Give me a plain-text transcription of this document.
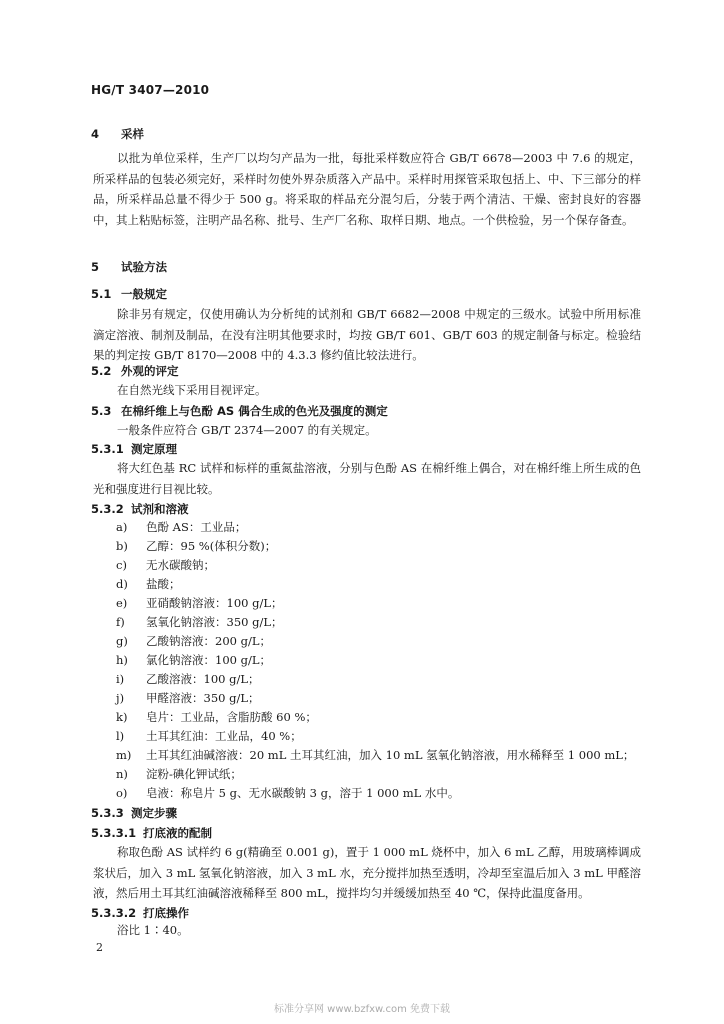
HG/T 3407—2010
4 采样
以批为单位采样，生产厂以均匀产品为一批，每批采样数应符合 GB/T 6678—2003 中 7.6 的规定，所采样品的包装必须完好，采样时勿使外界杂质落入产品中。采样时用探管采取包括上、中、下三部分的样品，所采样品总量不得少于 500 g。将采取的样品充分混匀后，分装于两个清洁、干燥、密封良好的容器中，其上粘贴标签，注明产品名称、批号、生产厂名称、取样日期、地点。一个供检验，另一个保存备查。
5 试验方法
5.1 一般规定
除非另有规定，仅使用确认为分析纯的试剂和 GB/T 6682—2008 中规定的三级水。试验中所用标准滴定溶液、制剂及制品，在没有注明其他要求时，均按 GB/T 601、GB/T 603 的规定制备与标定。检验结果的判定按 GB/T 8170—2008 中的 4.3.3 修约值比较法进行。
5.2 外观的评定
在自然光线下采用目视评定。
5.3 在棉纤维上与色酚 AS 偶合生成的色光及强度的测定
一般条件应符合 GB/T 2374—2007 的有关规定。
5.3.1 测定原理
将大红色基 RC 试样和标样的重氮盐溶液，分别与色酚 AS 在棉纤维上偶合，对在棉纤维上所生成的色光和强度进行目视比较。
5.3.2 试剂和溶液
a) 色酚 AS：工业品；
b) 乙醇：95 %(体积分数)；
c) 无水碳酸钠；
d) 盐酸；
e) 亚硝酸钠溶液：100 g/L；
f) 氢氧化钠溶液：350 g/L；
g) 乙酸钠溶液：200 g/L；
h) 氯化钠溶液：100 g/L；
i) 乙酸溶液：100 g/L；
j) 甲醛溶液：350 g/L；
k) 皂片：工业品，含脂肪酸 60 %；
l) 土耳其红油：工业品，40 %；
m) 土耳其红油碱溶液：20 mL 土耳其红油，加入 10 mL 氢氧化钠溶液，用水稀释至 1 000 mL；
n) 淀粉-碘化钾试纸；
o) 皂液：称皂片 5 g、无水碳酸钠 3 g，溶于 1 000 mL 水中。
5.3.3 测定步骤
5.3.3.1 打底液的配制
称取色酚 AS 试样约 6 g(精确至 0.001 g)，置于 1 000 mL 烧杯中，加入 6 mL 乙醇，用玻璃棒调成浆状后，加入 3 mL 氢氧化钠溶液，加入 3 mL 水，充分搅拌加热至透明，冷却至室温后加入 3 mL 甲醛溶液，然后用土耳其红油碱溶液稀释至 800 mL，搅拌均匀并缓缓加热至 40 ℃，保持此温度备用。
5.3.3.2 打底操作
浴比 1∶40。
2
标准分享网 www.bzfxw.com 免费下载
